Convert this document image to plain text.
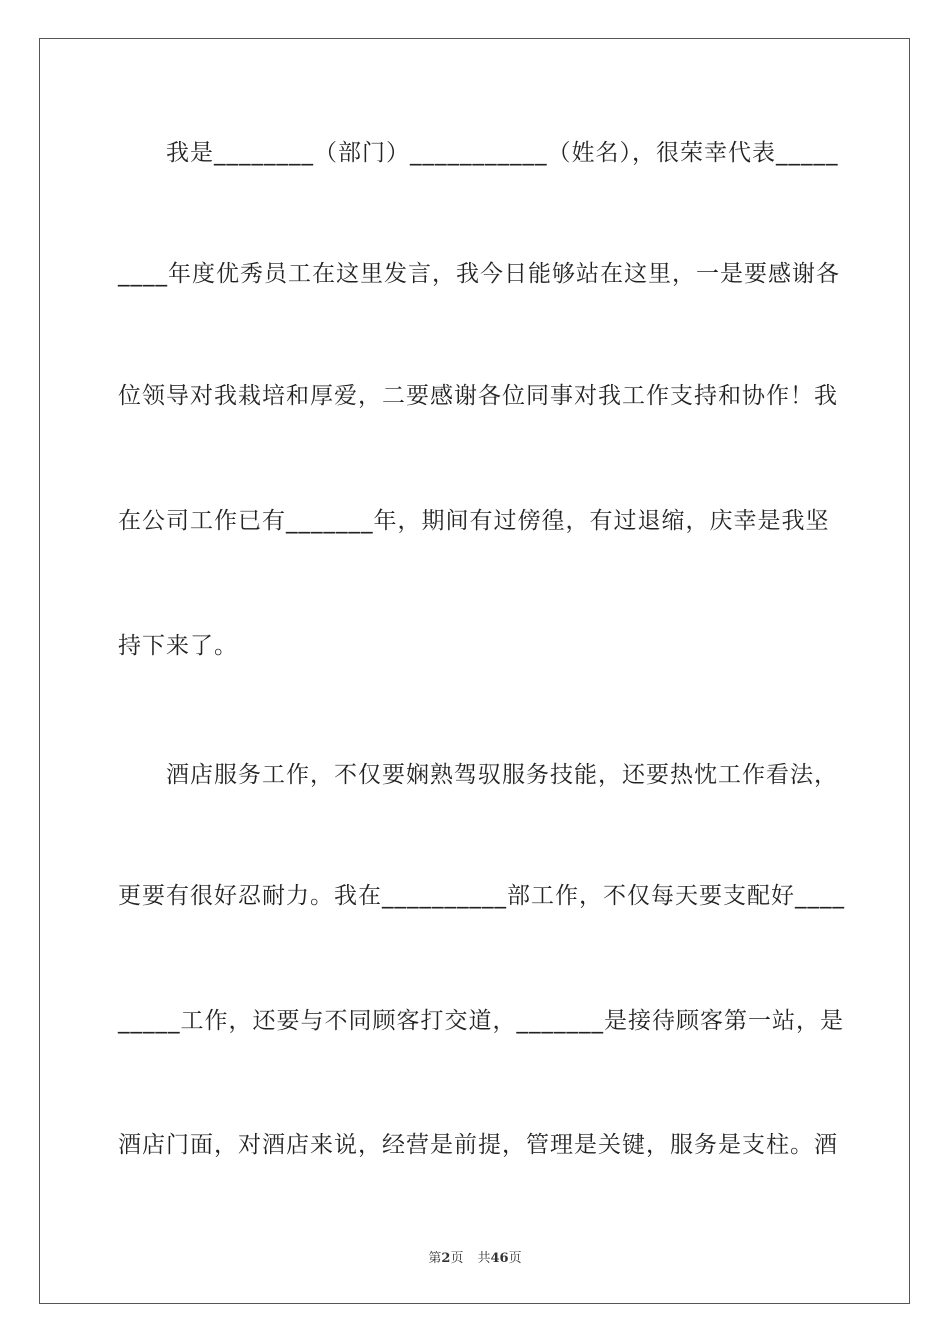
　　我是________（部门）___________（姓名），很荣幸代表_____
____年度优秀员工在这里发言，我今日能够站在这里，一是要感谢各
位领导对我栽培和厚爱，二要感谢各位同事对我工作支持和协作！我
在公司工作已有_______年，期间有过傍徨，有过退缩，庆幸是我坚
持下来了。
　　酒店服务工作，不仅要娴熟驾驭服务技能，还要热忱工作看法，
更要有很好忍耐力。我在__________部工作，不仅每天要支配好____
_____工作，还要与不同顾客打交道，_______是接待顾客第一站，是
酒店门面，对酒店来说，经营是前提，管理是关键，服务是支柱。酒
第2页 共46页
